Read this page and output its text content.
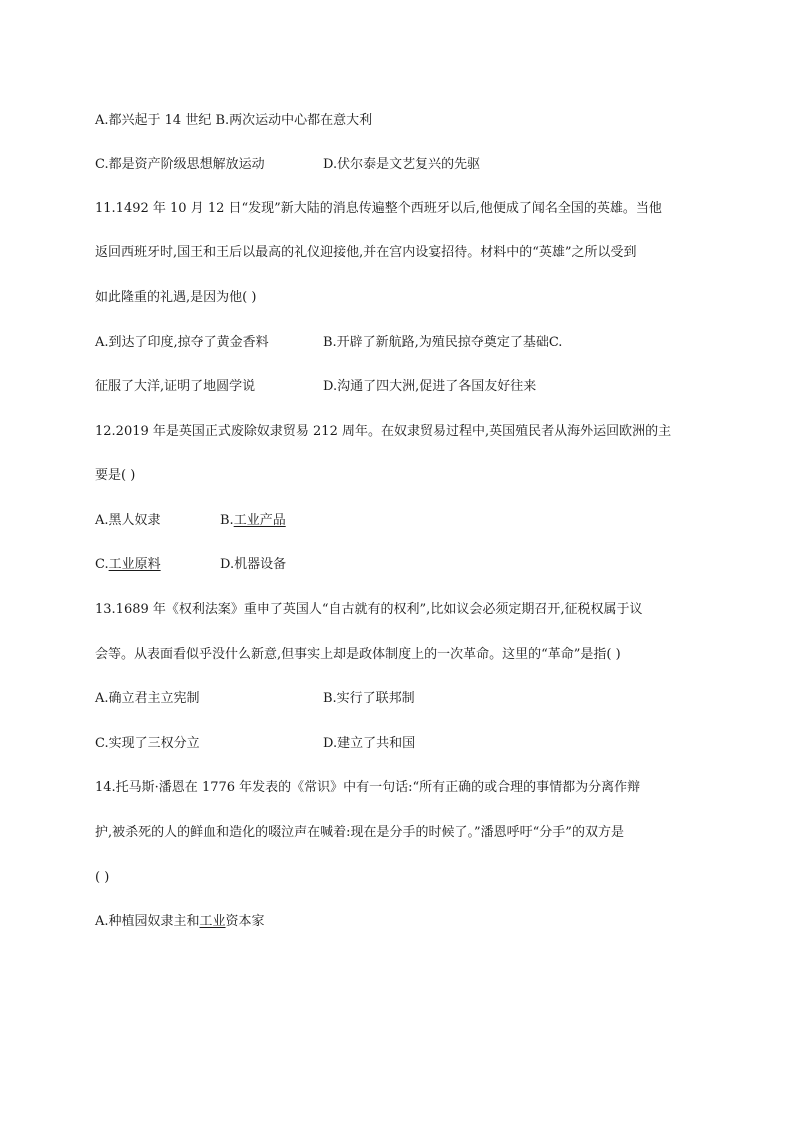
A.都兴起于 14 世纪 B.两次运动中心都在意大利
C.都是资产阶级思想解放运动	D.伏尔泰是文艺复兴的先驱
11.1492 年 10 月 12 日“发现”新大陆的消息传遍整个西班牙以后,他便成了闻名全国的英雄。当他
返回西班牙时,国王和王后以最高的礼仪迎接他,并在宫内设宴招待。材料中的“英雄”之所以受到
如此隆重的礼遇,是因为他( )
A.到达了印度,掠夺了黄金香料	B.开辟了新航路,为殖民掠夺奠定了基础C.
征服了大洋,证明了地圆学说	D.沟通了四大洲,促进了各国友好往来
12.2019 年是英国正式废除奴隶贸易 212 周年。在奴隶贸易过程中,英国殖民者从海外运回欧洲的主
要是( )
A.黑人奴隶	B.工业产品
C.工业原料	D.机器设备
13.1689 年《权利法案》重申了英国人“自古就有的权利”,比如议会必须定期召开,征税权属于议
会等。从表面看似乎没什么新意,但事实上却是政体制度上的一次革命。这里的“革命”是指( )
A.确立君主立宪制	B.实行了联邦制
C.实现了三权分立	D.建立了共和国
14.托马斯·潘恩在 1776 年发表的《常识》中有一句话:“所有正确的或合理的事情都为分离作辩
护,被杀死的人的鲜血和造化的啜泣声在喊着:现在是分手的时候了。”潘恩呼吁“分手”的双方是
( )
A.种植园奴隶主和工业资本家
